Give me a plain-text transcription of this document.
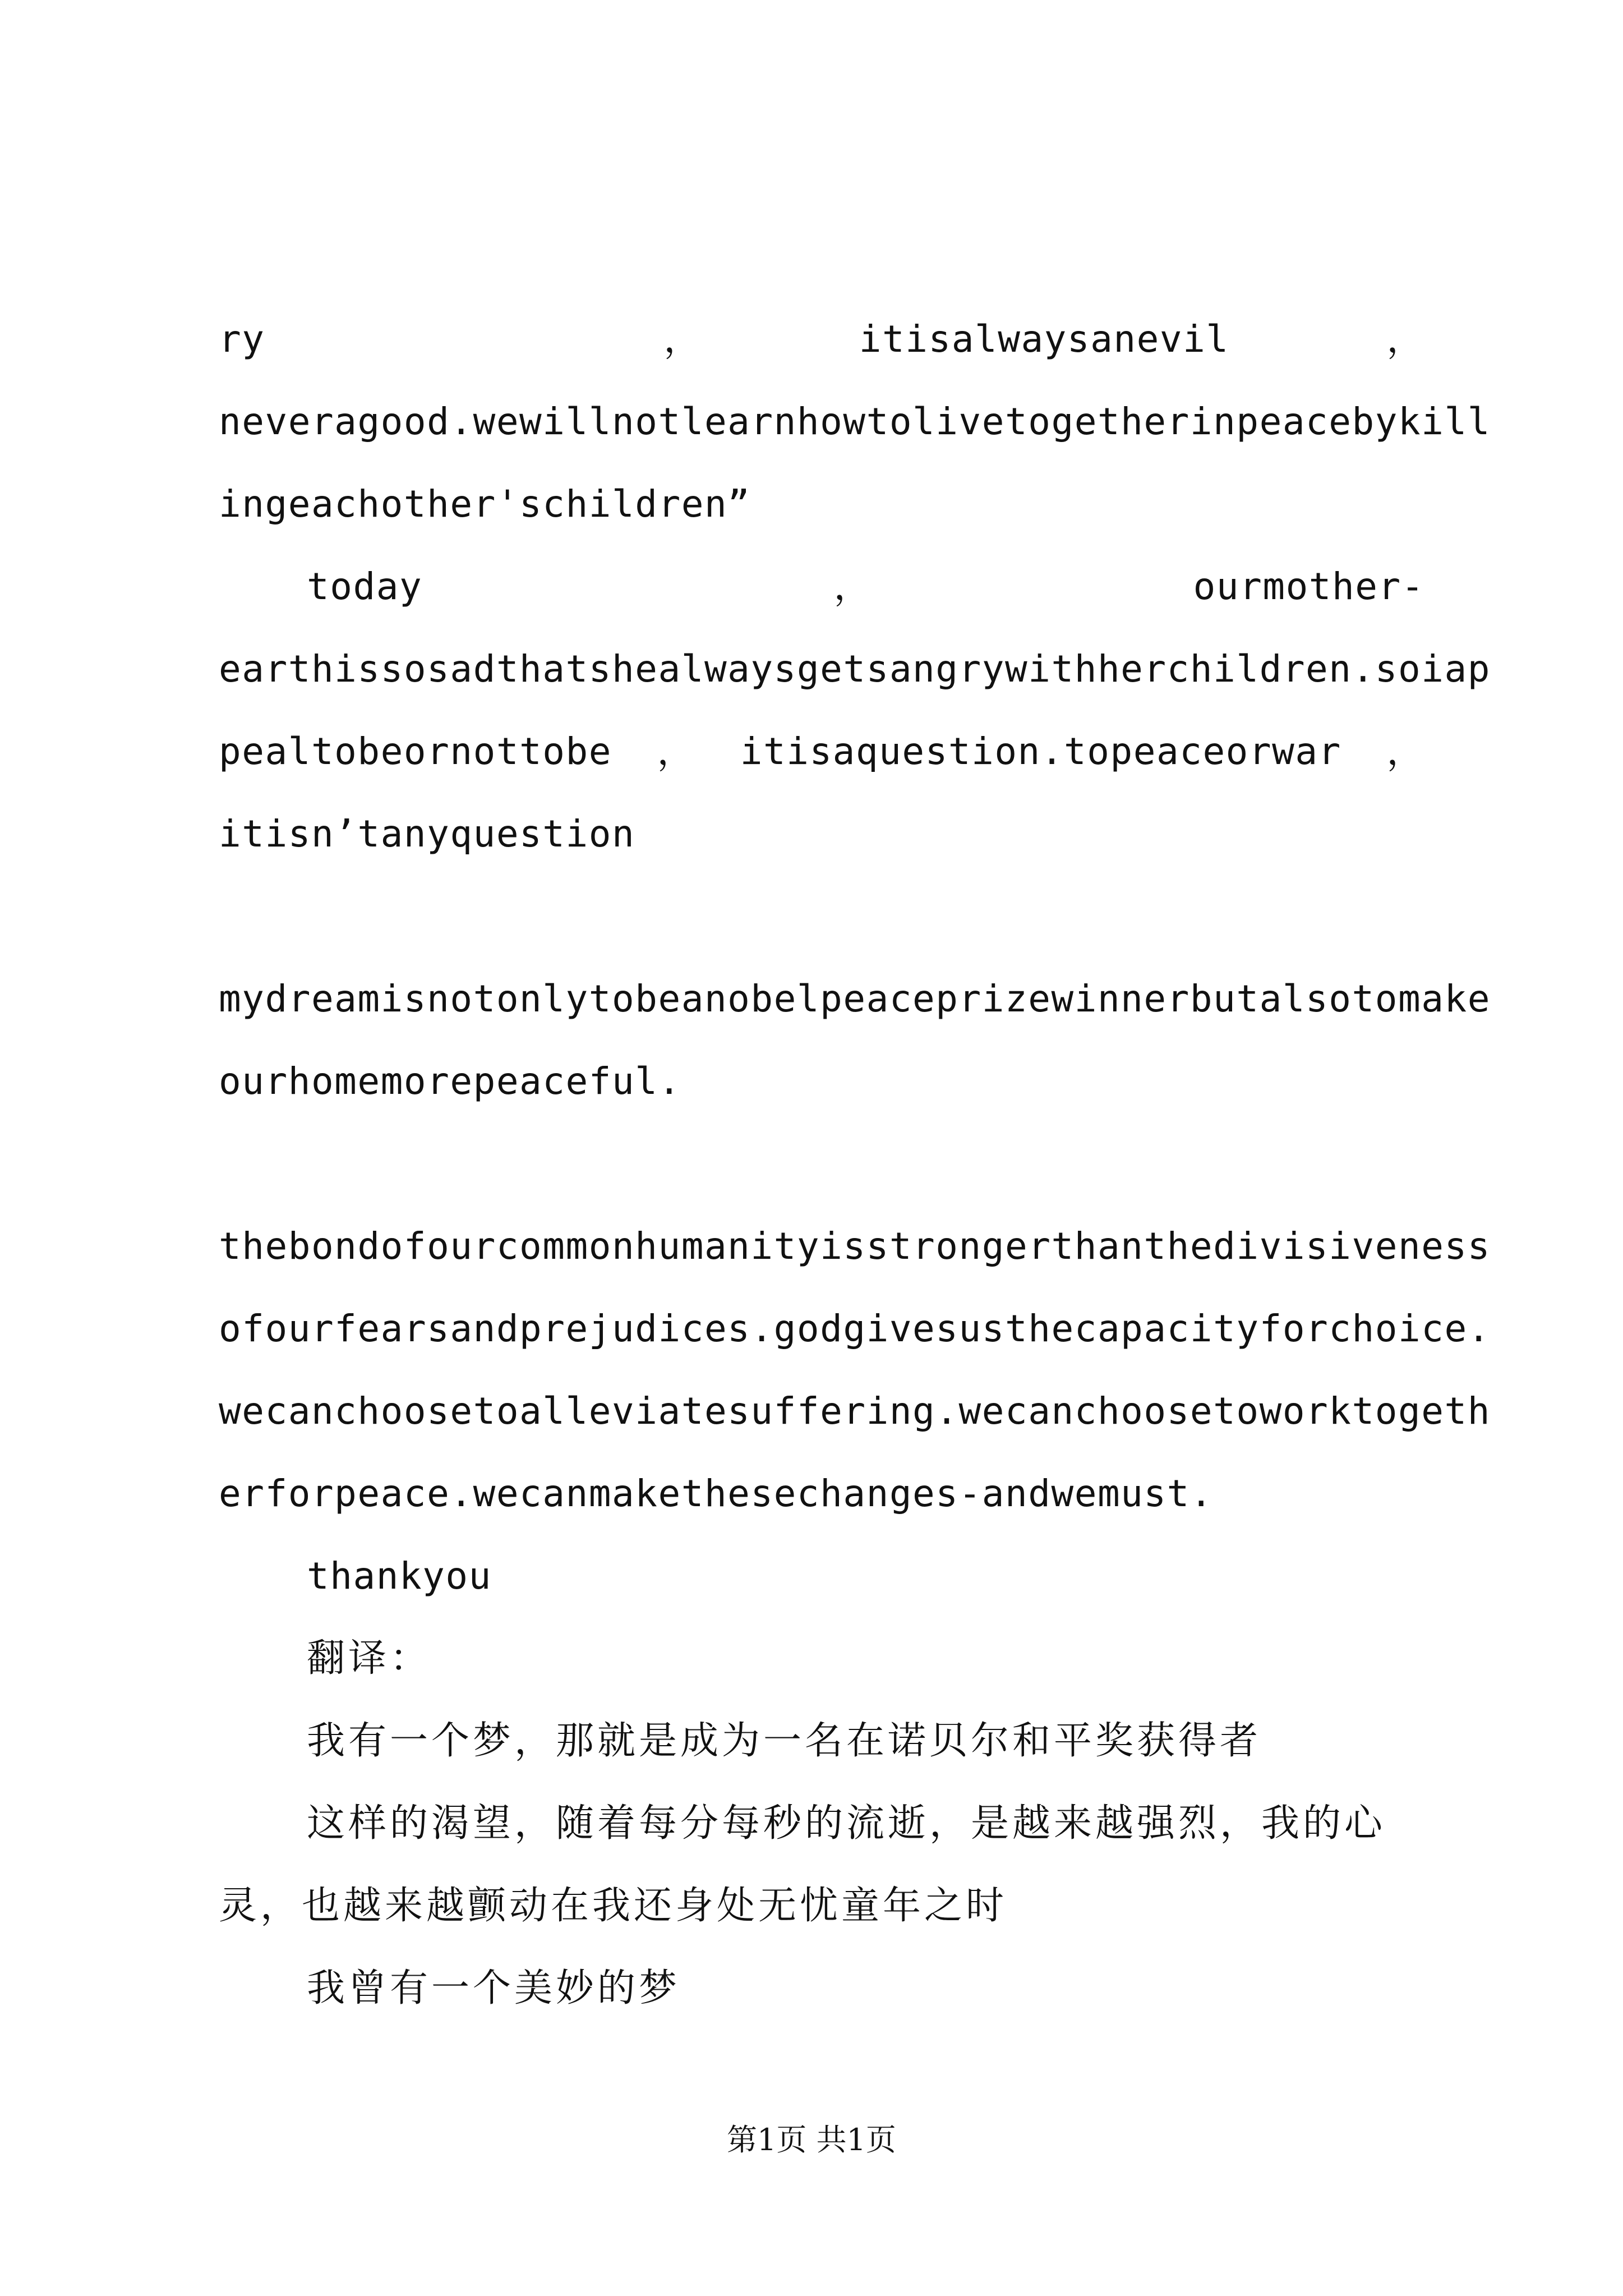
ry	，	itisalwaysanevil	，
neveragood.wewillnotlearnhowtolivetogetherinpeacebykill
ingeachother'schildren”
today	，	ourmother-
earthissosadthatshealwaysgetsangrywithherchildren.soiap
pealtobeornottobe ， itisaquestion.topeaceorwar ，
itisn’tanyquestion
mydreamisnotonlytobeanobelpeaceprizewinnerbutalsotomake
ourhomemorepeaceful.
thebondofourcommonhumanityisstrongerthanthedivisiveness
ofourfearsandprejudices.godgivesusthecapacityforchoice.
wecanchoosetoalleviatesuffering.wecanchoosetoworktogeth
erforpeace.wecanmakethesechanges-andwemust.
thankyou
翻译：
我有一个梦，那就是成为一名在诺贝尔和平奖获得者
这样的渴望，随着每分每秒的流逝，是越来越强烈，我的心
灵，也越来越颤动在我还身处无忧童年之时
我曾有一个美妙的梦
第1页 共1页
